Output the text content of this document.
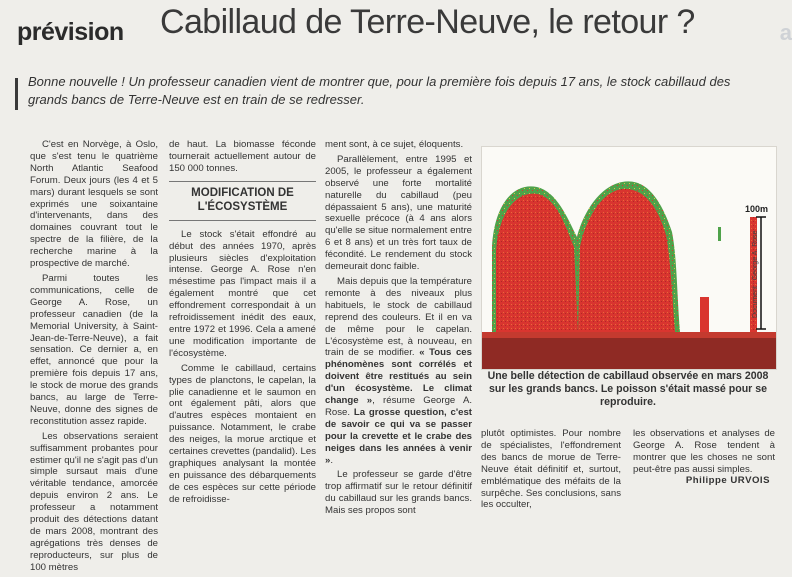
a
prévision Cabillaud de Terre-Neuve, le retour ?
Bonne nouvelle ! Un professeur canadien vient de montrer que, pour la première fois depuis 17 ans, le stock cabillaud des grands bancs de Terre-Neuve est en train de se redresser.

C'est en Norvège, à Oslo, que s'est tenu le quatrième North Atlantic Seafood Forum. Deux jours (les 4 et 5 mars) durant lesquels se sont exprimés une soixantaine d'intervenants, dans des domaines couvrant tout le spectre de la filière, de la recherche marine à la prospective de marché.

Parmi toutes les communications, celle de George A. Rose, un professeur canadien (de la Memorial University, à Saint-Jean-de-Terre-Neuve), a fait sensation. Ce dernier a, en effet, annoncé que pour la première fois depuis 17 ans, le stock de morue des grands bancs, au large de Terre-Neuve, donne des signes de reconstitution assez rapide.

Les observations seraient suffisamment probantes pour estimer qu'il ne s'agit pas d'un simple sursaut mais d'une véritable tendance, amorcée depuis environ 2 ans. Le professeur a notamment produit des détections datant de mars 2008, montrant des agrégations très denses de reproducteurs, sur plus de 100 mètres

de haut. La biomasse féconde tournerait actuellement autour de 150 000 tonnes.

MODIFICATION DE L'ÉCOSYSTÈME

Le stock s'était effondré au début des années 1970, après plusieurs siècles d'exploitation intense. George A. Rose n'en mésestime pas l'impact mais il a également montré que cet effondrement correspondait à un refroidissement inédit des eaux, entre 1972 et 1996. Cela a amené une modification importante de l'écosystème.

Comme le cabillaud, certains types de planctons, le capelan, la plie canadienne et le saumon en ont également pâti, alors que d'autres espèces montaient en puissance. Notamment, le crabe des neiges, la morue arctique et certaines crevettes (pandalid). Les graphiques analysant la montée en puissance des débarquements de ces espèces sur cette période de refroidisse-

ment sont, à ce sujet, éloquents.

Parallèlement, entre 1995 et 2005, le professeur a également observé une forte mortalité naturelle du cabillaud (peu dépassaient 5 ans), une maturité sexuelle précoce (à 4 ans alors qu'elle se situe normalement entre 6 et 8 ans) et un très fort taux de fécondité. Le rendement du stock demeurait donc faible.

Mais depuis que la température remonte à des niveaux plus habituels, le stock de cabillaud reprend des couleurs. Et il en va de même pour le capelan. L'écosystème est, à nouveau, en train de se modifier. « Tous ces phénomènes sont corrélés et doivent être restitués au sein d'un écosystème. Le climat change », résume George A. Rose. La grosse question, c'est de savoir ce qui va se passer pour la crevette et le crabe des neiges dans les années à venir ».

Le professeur se garde d'être trop affirmatif sur le retour définitif du cabillaud sur les grands bancs. Mais ses propos sont

100m
Document : George A. Rose
Une belle détection de cabillaud observée en mars 2008 sur les grands bancs. Le poisson s'était massé pour se reproduire.
plutôt optimistes. Pour nombre de spécialistes, l'effondrement des bancs de morue de Terre-Neuve était définitif et, surtout, emblématique des méfaits de la surpêche. Ses conclusions, sans les occulter,
les observations et analyses de George A. Rose tendent à montrer que les choses ne sont peut-être pas aussi simples.
Philippe URVOIS
